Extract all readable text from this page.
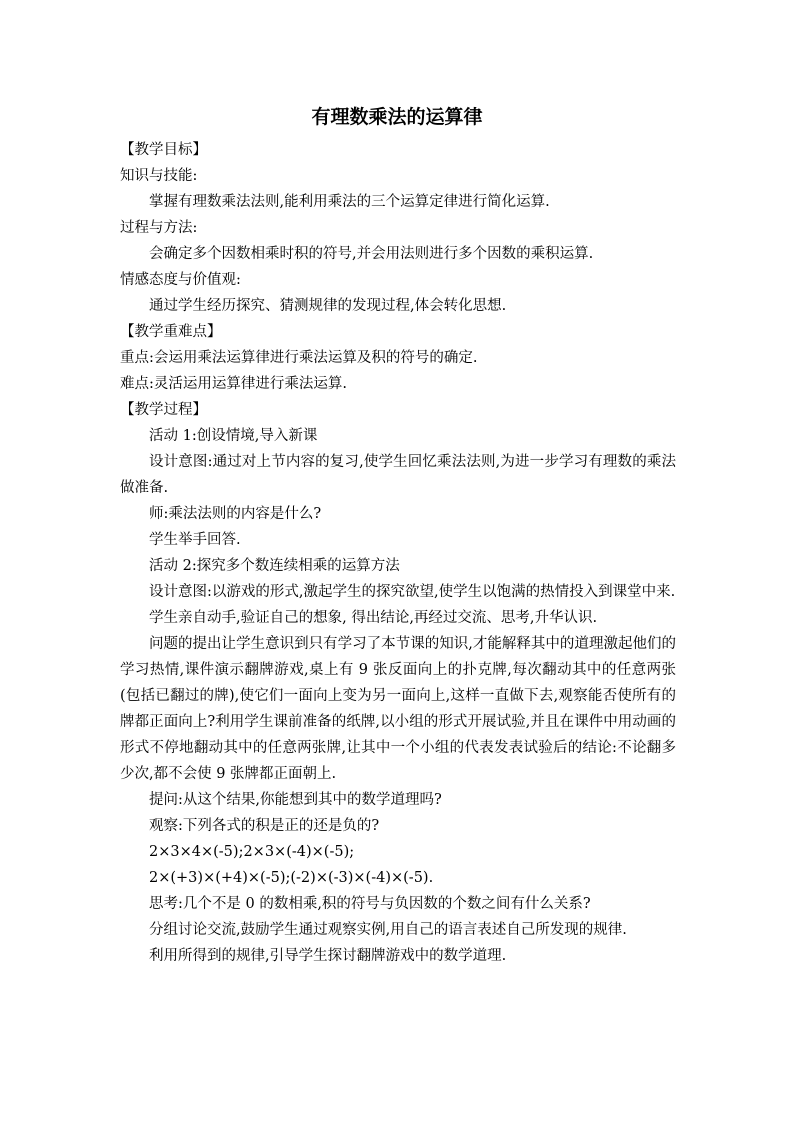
有理数乘法的运算律
【教学目标】
知识与技能:
掌握有理数乘法法则,能利用乘法的三个运算定律进行简化运算.
过程与方法:
会确定多个因数相乘时积的符号,并会用法则进行多个因数的乘积运算.
情感态度与价值观:
通过学生经历探究、猜测规律的发现过程,体会转化思想.
【教学重难点】
重点:会运用乘法运算律进行乘法运算及积的符号的确定.
难点:灵活运用运算律进行乘法运算.
【教学过程】
活动 1:创设情境,导入新课
设计意图:通过对上节内容的复习,使学生回忆乘法法则,为进一步学习有理数的乘法做准备.
师:乘法法则的内容是什么?
学生举手回答.
活动 2:探究多个数连续相乘的运算方法
设计意图:以游戏的形式,激起学生的探究欲望,使学生以饱满的热情投入到课堂中来.
学生亲自动手,验证自己的想象, 得出结论,再经过交流、思考,升华认识.
问题的提出让学生意识到只有学习了本节课的知识,才能解释其中的道理激起他们的学习热情,课件演示翻牌游戏,桌上有 9 张反面向上的扑克牌,每次翻动其中的任意两张(包括已翻过的牌),使它们一面向上变为另一面向上,这样一直做下去,观察能否使所有的牌都正面向上?利用学生课前准备的纸牌,以小组的形式开展试验,并且在课件中用动画的形式不停地翻动其中的任意两张牌,让其中一个小组的代表发表试验后的结论:不论翻多少次,都不会使 9 张牌都正面朝上.
提问:从这个结果,你能想到其中的数学道理吗?
观察:下列各式的积是正的还是负的?
2×3×4×(-5);2×3×(-4)×(-5);
2×(+3)×(+4)×(-5);(-2)×(-3)×(-4)×(-5).
思考:几个不是 0 的数相乘,积的符号与负因数的个数之间有什么关系?
分组讨论交流,鼓励学生通过观察实例,用自己的语言表述自己所发现的规律.
利用所得到的规律,引导学生探讨翻牌游戏中的数学道理.
